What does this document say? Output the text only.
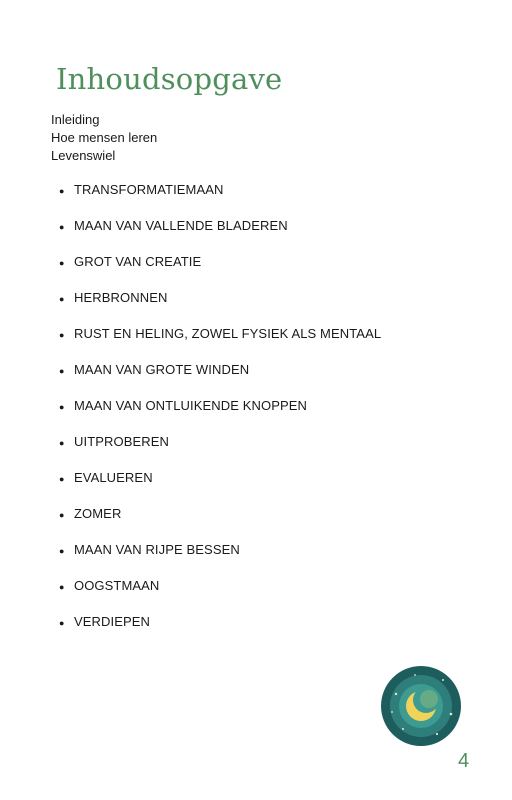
Inhoudsopgave
Inleiding
Hoe mensen leren
Levenswiel
● TRANSFORMATIEMAAN
● MAAN VAN VALLENDE BLADEREN
● GROT VAN CREATIE
● HERBRONNEN
● RUST EN HELING, ZOWEL FYSIEK ALS MENTAAL
● MAAN VAN GROTE WINDEN
● MAAN VAN ONTLUIKENDE KNOPPEN
● UITPROBEREN
● EVALUEREN
● ZOMER
● MAAN VAN RIJPE BESSEN
● OOGSTMAAN
● VERDIEPEN
4
